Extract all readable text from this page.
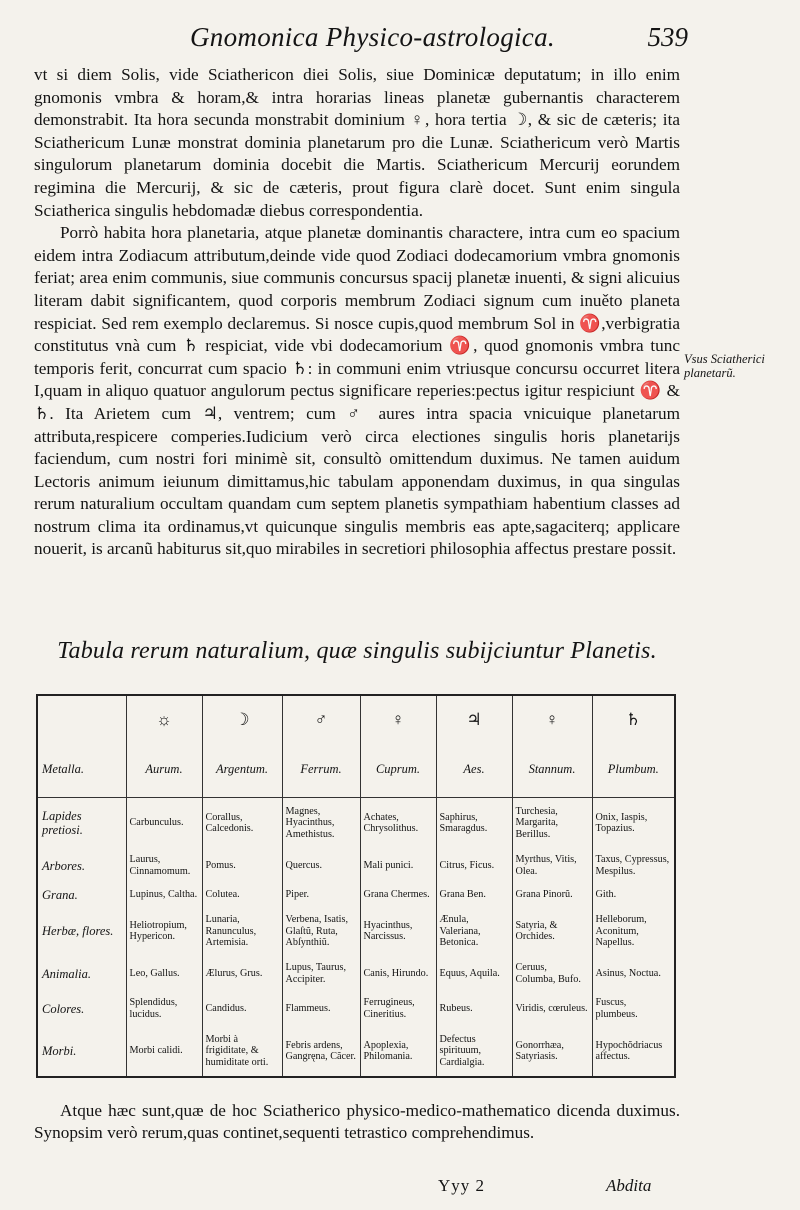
Gnomonica Physico-astrologica.	539

vt si diem Solis, vide Sciathericon diei Solis, siue Dominicæ deputatum; in illo enim gnomonis vmbra & horam,& intra horarias lineas planetæ gubernantis characterem demonstrabit. Ita hora secunda monstrabit dominium ♀, hora tertia ☽, & sic de cæteris; ita Sciathericum Lunæ monstrat dominia planetarum pro die Lunæ. Sciathericum verò Martis singulorum planetarum dominia docebit die Martis. Sciathericum Mercurij eorundem regimina die Mercurij, & sic de cæteris, prout figura clarè docet. Sunt enim singula Sciatherica singulis hebdomadæ diebus correspondentia.

Porrò habita hora planetaria, atque planetæ dominantis charactere, intra cum eo spacium eidem intra Zodiacum attributum,deinde vide quod Zodiaci dodecamorium vmbra gnomonis feriat; area enim communis, siue communis concursus spacij planetæ inuenti, & signi alicuius literam dabit significantem, quod corporis membrum Zodiaci signum cum inuěto planeta respiciat. Sed rem exemplo declaremus. Si nosce cupis,quod membrum Sol in ♈,verbigratia constitutus vnà cum ♄ respiciat, vide vbi dodecamorium ♈, quod gnomonis vmbra tunc temporis ferit, concurrat cum spacio ♄: in communi enim vtriusque concursu occurret litera I,quam in aliquo quatuor angulorum pectus significare reperies:pectus igitur respiciunt ♈ & ♄. Ita Arietem cum ♃, ventrem; cum ♂ aures intra spacia vnicuique planetarum attributa,respicere comperies.Iudicium verò circa electiones singulis horis planetarijs faciendum, cum nostri fori minimè sit, consultò omittendum duximus. Ne tamen auidum Lectoris animum ieiunum dimittamus,hic tabulam apponendam duximus, in qua singulas rerum naturalium occultam quandam cum septem planetis sympathiam habentium classes ad nostrum clima ita ordinamus,vt quicunque singulis membris eas apte,sagaciterq; applicare nouerit, is arcanũ habiturus sit,quo mirabiles in secretiori philosophia affectus prestare possit.

Vsus Sciatherici planetarũ.
Tabula rerum naturalium, quæ singulis subijciuntur Planetis.
	☼	☽	♂	♀	♃	♀	♄
Metalla.	Aurum.	Argentum.	Ferrum.	Cuprum.	Aes.	Stannum.	Plumbum.
Lapides pretiosi.	Carbunculus.	Corallus, Calcedonis.	Magnes, Hyacinthus, Amethistus.	Achates, Chrysolithus.	Saphirus, Smaragdus.	Turchesia, Margarita, Berillus.	Onix, Iaspis, Topazius.
Arbores.	Laurus, Cinnamomum.	Pomus.	Quercus.	Mali punici.	Citrus, Ficus.	Myrthus, Vitis, Olea.	Taxus, Cypressus, Mespilus.
Grana.	Lupinus, Caltha.	Colutea.	Piper.	Grana Chermes.	Grana Ben.	Grana Pinorũ.	Gith.
Herbæ, flores.	Heliotropium, Hypericon.	Lunaria, Ranunculus, Artemisia.	Verbena, Isatis, Glaſtũ, Ruta, Abſynthiũ.	Hyacinthus, Narcissus.	Ænula, Valeriana, Betonica.	Satyria, & Orchides.	Helleborum, Aconitum, Napellus.
Animalia.	Leo, Gallus.	Ælurus, Grus.	Lupus, Taurus, Accipiter.	Canis, Hirundo.	Equus, Aquila.	Ceruus, Columba, Bufo.	Asinus, Noctua.
Colores.	Splendidus, lucidus.	Candidus.	Flammeus.	Ferrugineus, Cineritius.	Rubeus.	Viridis, cœruleus.	Fuscus, plumbeus.
Morbi.	Morbi calidi.	Morbi à frigiditate, & humiditate orti.	Febris ardens, Gangręna, Cãcer.	Apoplexia, Philomania.	Defectus spirituum, Cardialgia.	Gonorrhæa, Satyriasis.	Hypochŏdriacus affectus.

Atque hæc sunt,quæ de hoc Sciatherico physico-medico-mathematico dicenda duximus. Synopsim verò rerum,quas continet,sequenti tetrastico comprehendimus.

Yyy 2	Abdita
